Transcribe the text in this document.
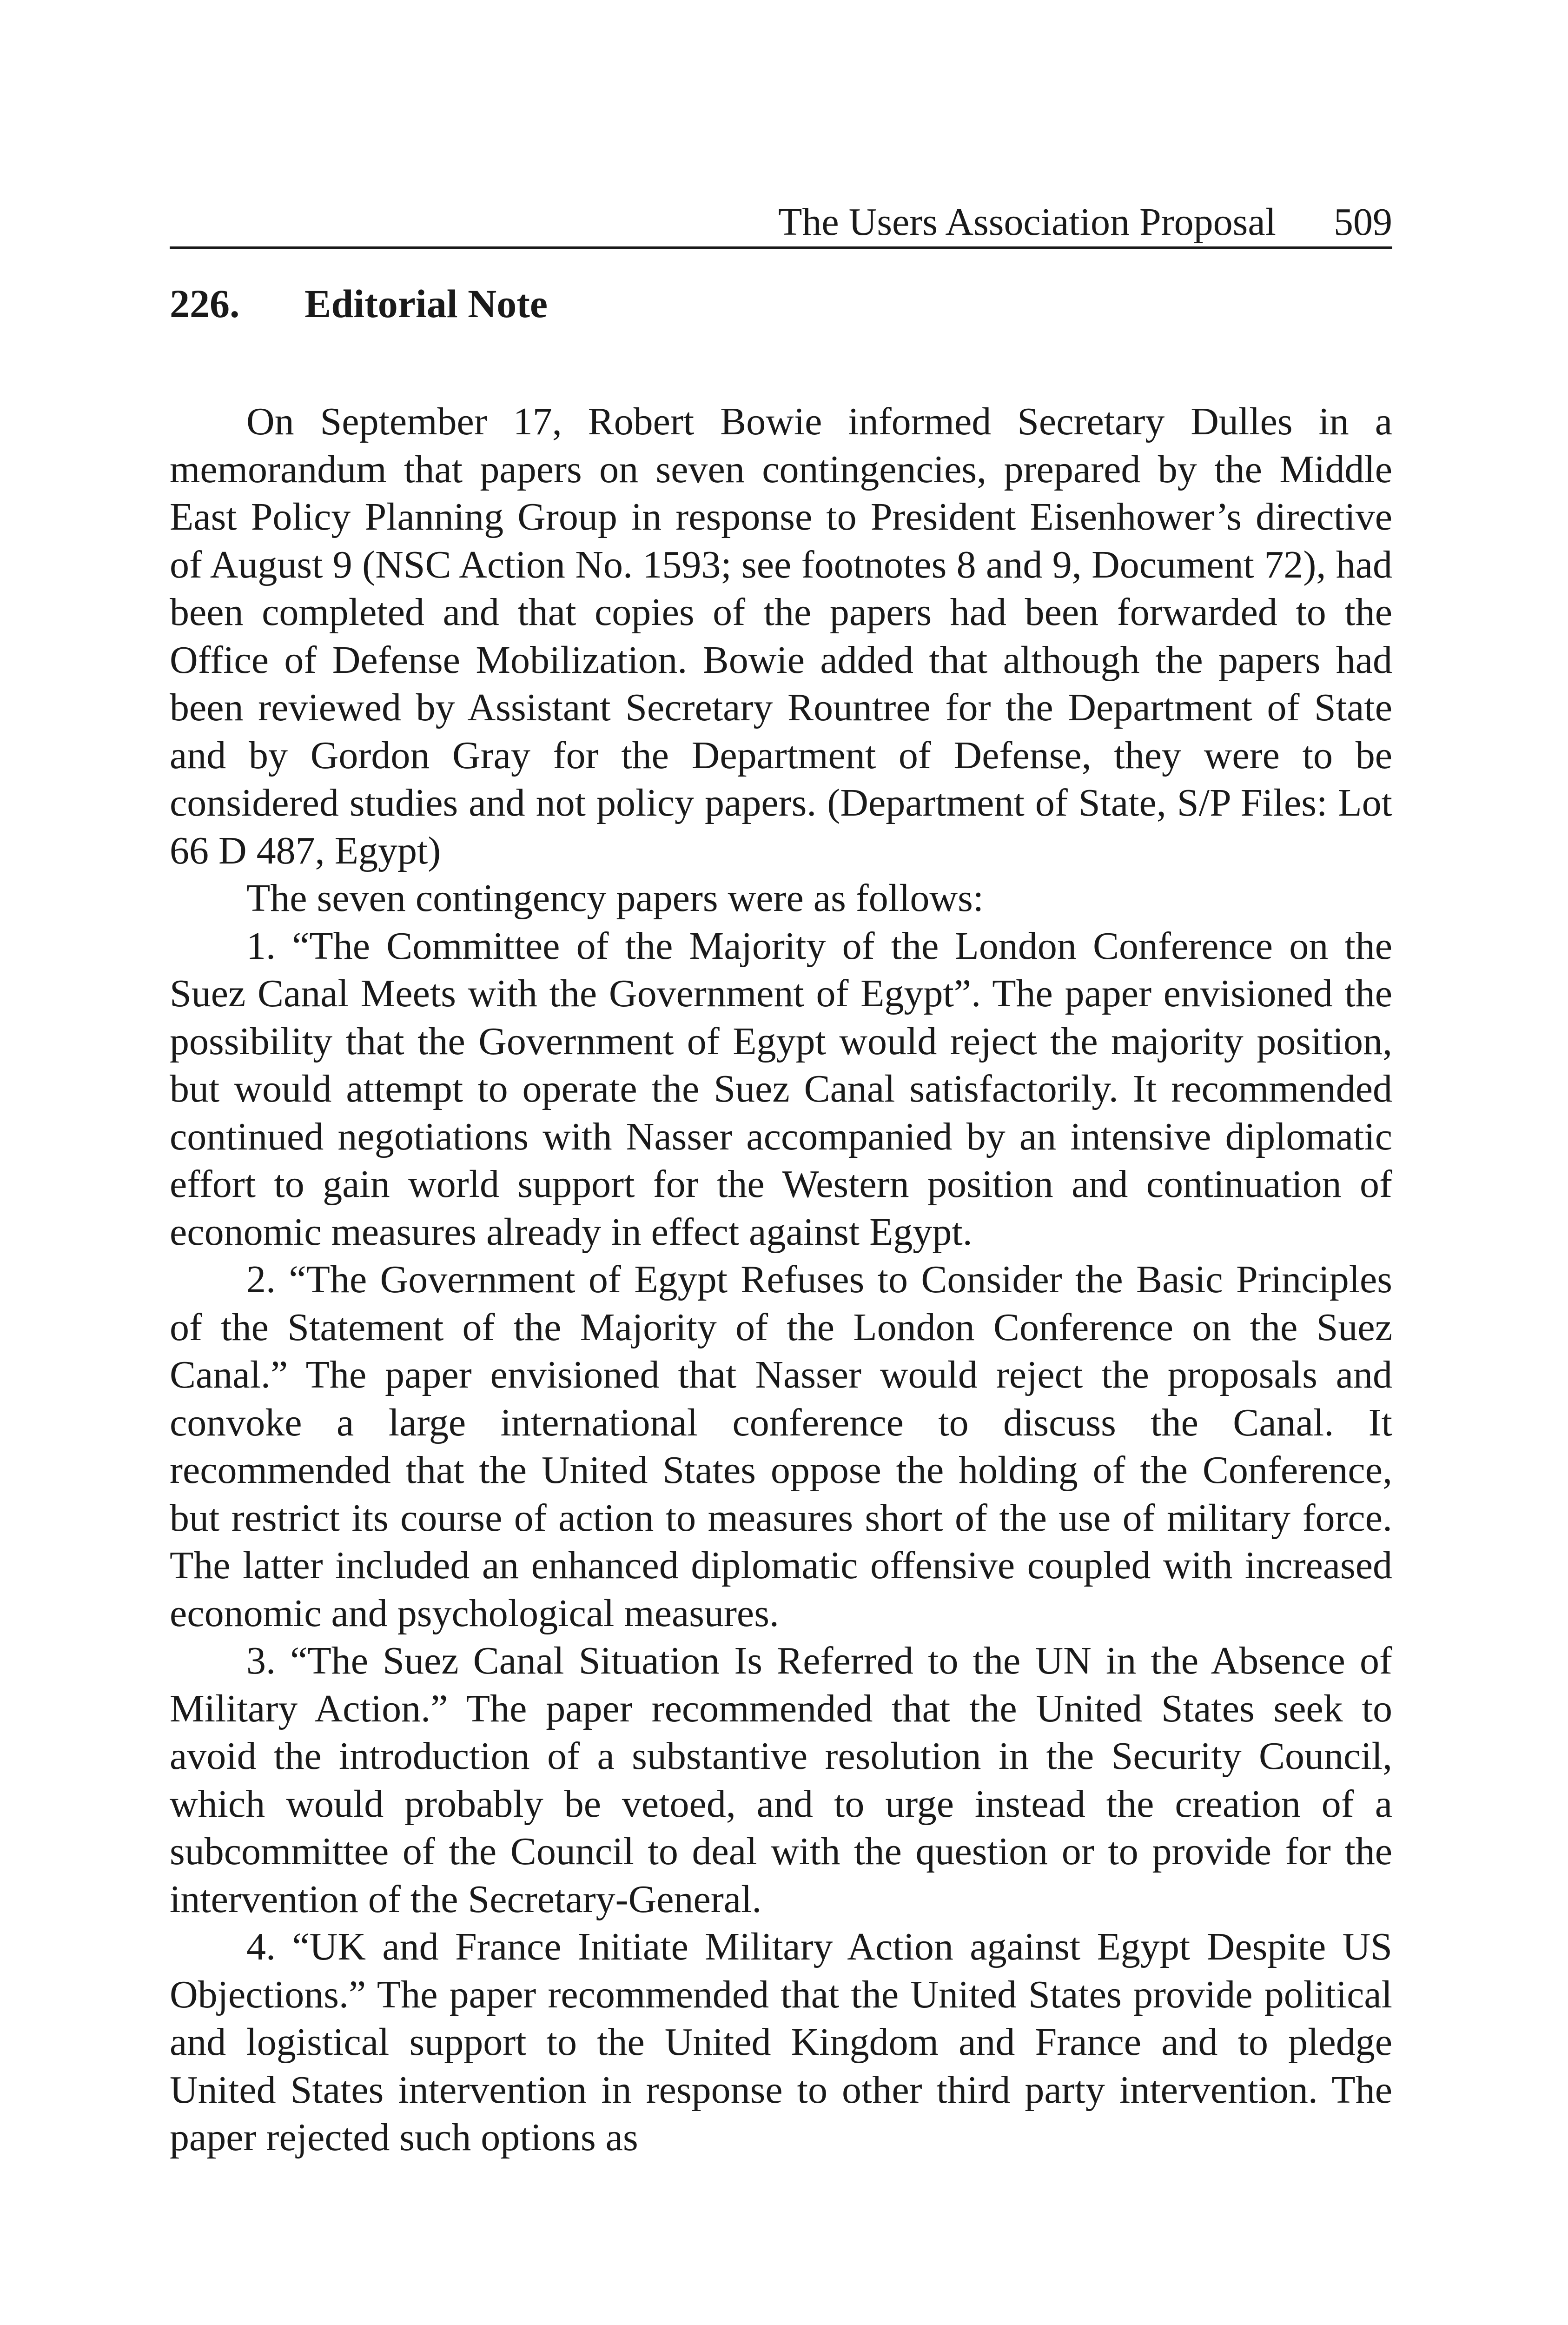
The Users Association Proposal 509
226. Editorial Note

On September 17, Robert Bowie informed Secretary Dulles in a memorandum that papers on seven contingencies, prepared by the Middle East Policy Planning Group in response to President Eisenhower’s directive of August 9 (NSC Action No. 1593; see footnotes 8 and 9, Document 72), had been completed and that copies of the papers had been forwarded to the Office of Defense Mobilization. Bowie added that although the papers had been reviewed by Assistant Secretary Rountree for the Department of State and by Gordon Gray for the Department of Defense, they were to be considered studies and not policy papers. (Department of State, S/P Files: Lot 66 D 487, Egypt)

The seven contingency papers were as follows:

1. “The Committee of the Majority of the London Conference on the Suez Canal Meets with the Government of Egypt”. The paper envisioned the possibility that the Government of Egypt would reject the majority position, but would attempt to operate the Suez Canal satisfactorily. It recommended continued negotiations with Nasser accompanied by an intensive diplomatic effort to gain world support for the Western position and continuation of economic measures already in effect against Egypt.

2. “The Government of Egypt Refuses to Consider the Basic Principles of the Statement of the Majority of the London Conference on the Suez Canal.” The paper envisioned that Nasser would reject the proposals and convoke a large international conference to discuss the Canal. It recommended that the United States oppose the holding of the Conference, but restrict its course of action to measures short of the use of military force. The latter included an enhanced diplomatic offensive coupled with increased economic and psychological measures.

3. “The Suez Canal Situation Is Referred to the UN in the Absence of Military Action.” The paper recommended that the United States seek to avoid the introduction of a substantive resolution in the Security Council, which would probably be vetoed, and to urge instead the creation of a subcommittee of the Council to deal with the question or to provide for the intervention of the Secretary-General.

4. “UK and France Initiate Military Action against Egypt Despite US Objections.” The paper recommended that the United States provide political and logistical support to the United Kingdom and France and to pledge United States intervention in response to other third party intervention. The paper rejected such options as
